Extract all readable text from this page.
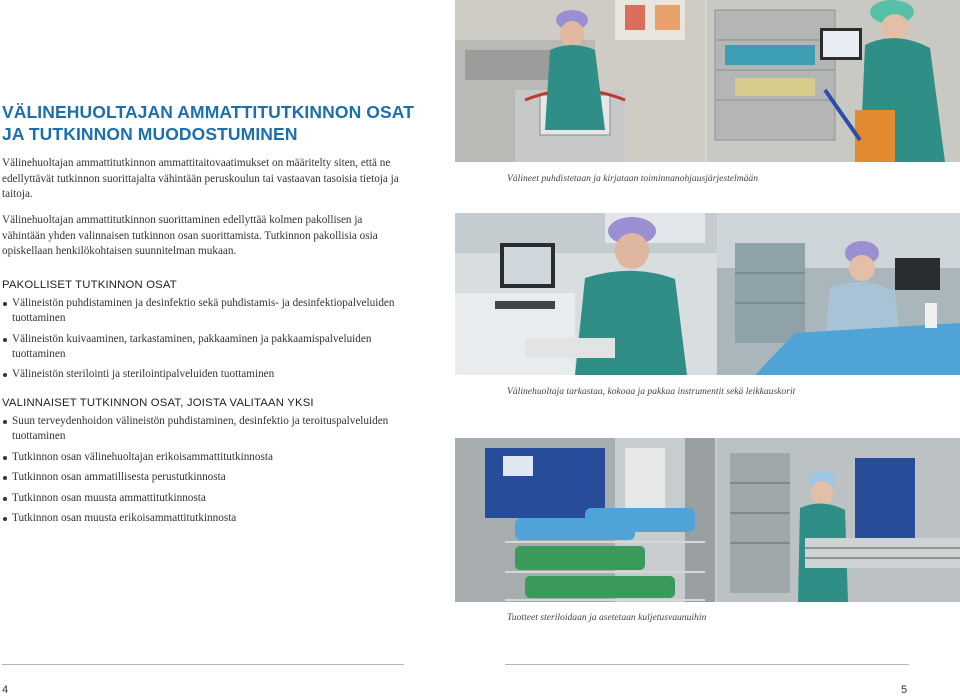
VÄLINEHUOLTAJAN AMMATTITUTKINNON OSAT
JA TUTKINNON MUODOSTUMINEN
Välinehuoltajan ammattitutkinnon ammattitaitovaatimukset on määritelty siten, että ne edellyttävät tutkinnon suorittajalta vähintään peruskoulun tai vastaavan tasoisia tietoja ja taitoja.
Välinehuoltajan ammattitutkinnon suorittaminen edellyttää kolmen pakollisen ja vähintään yhden valinnaisen tutkinnon osan suorittamista. Tutkinnon pakollisia osia opiskellaan henkilökohtaisen suunnitelman mukaan.
PAKOLLISET TUTKINNON OSAT
Välineistön puhdistaminen ja desinfektio sekä puhdistamis- ja desinfektiopalveluiden tuottaminen
Välineistön kuivaaminen, tarkastaminen, pakkaaminen ja pakkaamispalveluiden tuottaminen
Välineistön sterilointi ja sterilointipalveluiden tuottaminen
VALINNAISET TUTKINNON OSAT, JOISTA VALITAAN YKSI
Suun terveydenhoidon välineistön puhdistaminen, desinfektio ja teroituspalveluiden tuottaminen
Tutkinnon osan välinehuoltajan erikoisammattitutkinnosta
Tutkinnon osan ammatillisesta perustutkinnosta
Tutkinnon osan muusta ammattitutkinnosta
Tutkinnon osan muusta erikoisammattitutkinnosta
4
Välineet puhdistetaan ja kirjataan toiminnanohjausjärjestelmään
Välinehuoltaja tarkastaa, kokoaa ja pakkaa instrumentit sekä leikkauskorit
Tuotteet steriloidaan ja asetetaan kuljetusvaunuihin
5
